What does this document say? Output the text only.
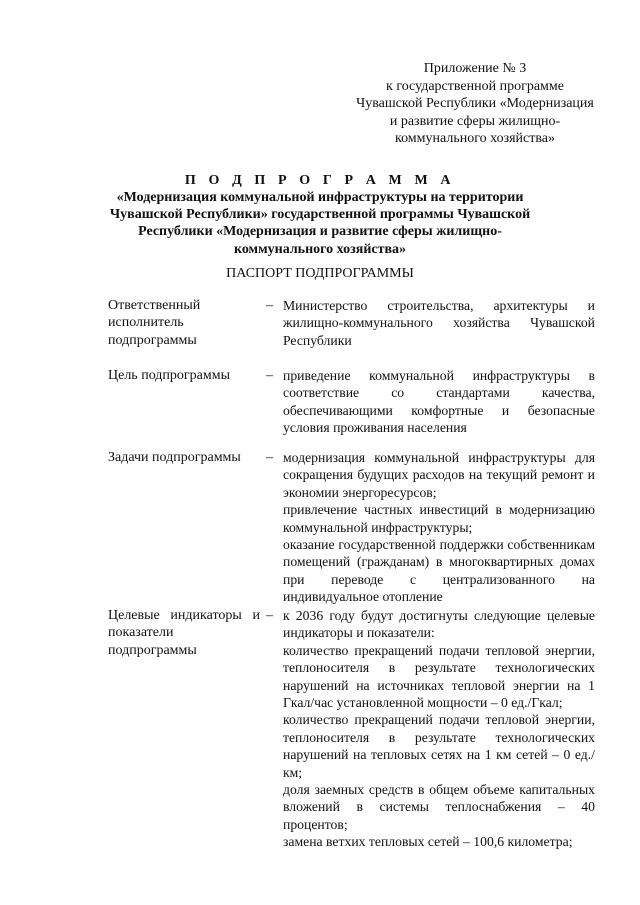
Приложение № 3
к государственной программе
Чувашской Республики «Модернизация
и развитие сферы жилищно-
коммунального хозяйства»
П О Д П Р О Г Р А М М А
«Модернизация коммунальной инфраструктуры на территории
Чувашской Республики» государственной программы Чувашской
Республики «Модернизация и развитие сферы жилищно-
коммунального хозяйства»
ПАСПОРТ ПОДПРОГРАММЫ
Ответственный исполнитель подпрограммы
– Министерство строительства, архитектуры и жилищно-коммунального хозяйства Чувашской Республики
Цель подпрограммы	– приведение коммунальной инфраструктуры в соответствие со стандартами качества, обеспечивающими комфортные и безопасные условия проживания населения
Задачи подпрограммы	– модернизация коммунальной инфраструктуры для сокращения будущих расходов на текущий ремонт и экономии энергоресурсов;
привлечение частных инвестиций в модернизацию коммунальной инфраструктуры;
оказание государственной поддержки собственникам помещений (гражданам) в многоквартирных домах при переводе с централизованного на индивидуальное отопление
Целевые индикаторы и показатели подпрограммы
– к 2036 году будут достигнуты следующие целевые индикаторы и показатели:
количество прекращений подачи тепловой энергии, теплоносителя в результате технологических нарушений на источниках тепловой энергии на 1 Гкал/час установленной мощности – 0 ед./Гкал;
количество прекращений подачи тепловой энергии, теплоносителя в результате технологических нарушений на тепловых сетях на 1 км сетей – 0 ед./км;
доля заемных средств в общем объеме капитальных вложений в системы теплоснабжения – 40 процентов;
замена ветхих тепловых сетей – 100,6 километра;
